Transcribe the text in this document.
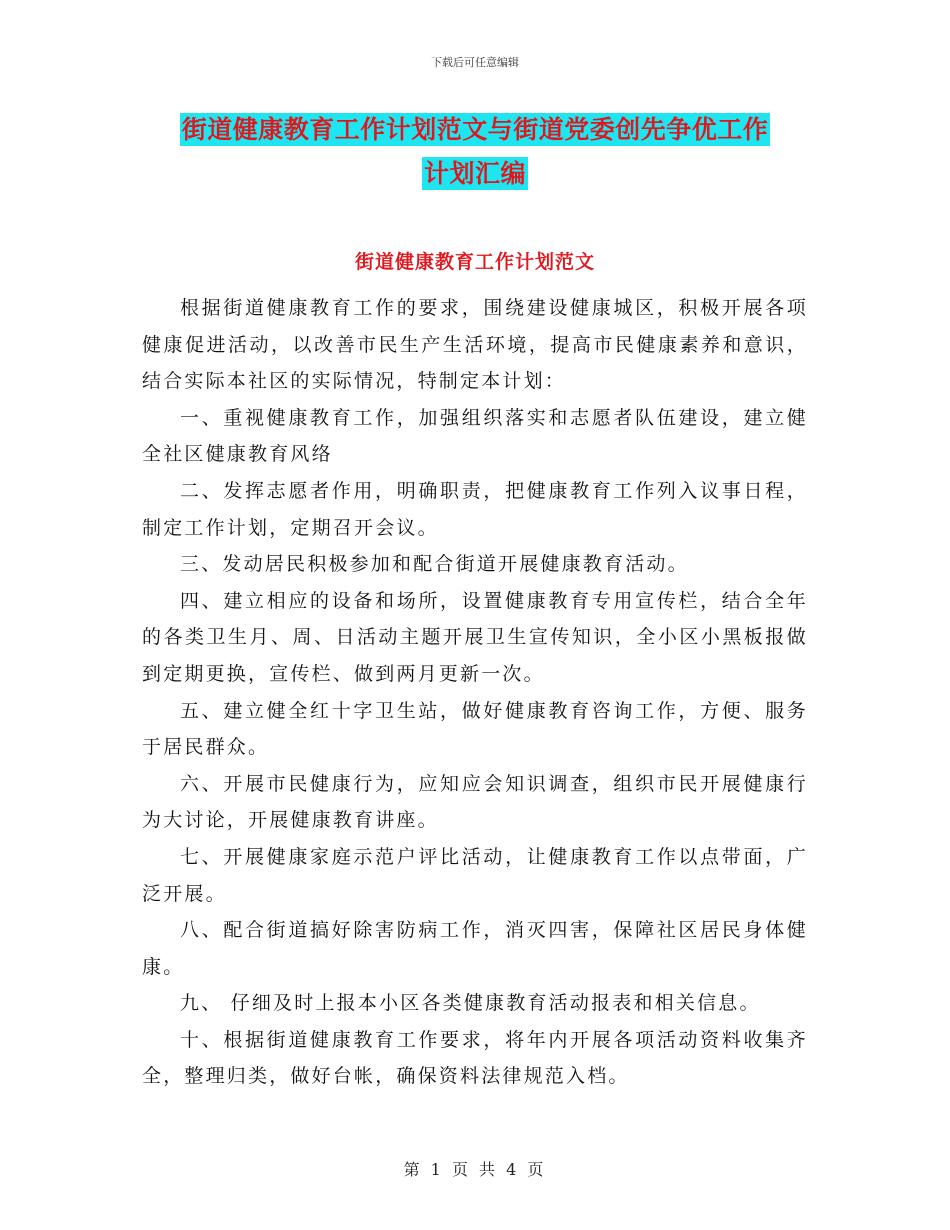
下载后可任意编辑
街道健康教育工作计划范文与街道党委创先争优工作
计划汇编
街道健康教育工作计划范文

根据街道健康教育工作的要求，围绕建设健康城区，积极开展各项健康促进活动，以改善市民生产生活环境，提高市民健康素养和意识，结合实际本社区的实际情况，特制定本计划：

一、重视健康教育工作，加强组织落实和志愿者队伍建设，建立健全社区健康教育风络

二、发挥志愿者作用，明确职责，把健康教育工作列入议事日程，制定工作计划，定期召开会议。

三、发动居民积极参加和配合街道开展健康教育活动。

四、建立相应的设备和场所，设置健康教育专用宣传栏，结合全年的各类卫生月、周、日活动主题开展卫生宣传知识，全小区小黑板报做到定期更换，宣传栏、做到两月更新一次。

五、建立健全红十字卫生站，做好健康教育咨询工作，方便、服务于居民群众。

六、开展市民健康行为，应知应会知识调查，组织市民开展健康行为大讨论，开展健康教育讲座。

七、开展健康家庭示范户评比活动，让健康教育工作以点带面，广泛开展。

八、配合街道搞好除害防病工作，消灭四害，保障社区居民身体健康。

九、 仔细及时上报本小区各类健康教育活动报表和相关信息。

十、根据街道健康教育工作要求，将年内开展各项活动资料收集齐全，整理归类，做好台帐，确保资料法律规范入档。

第 1 页 共 4 页
